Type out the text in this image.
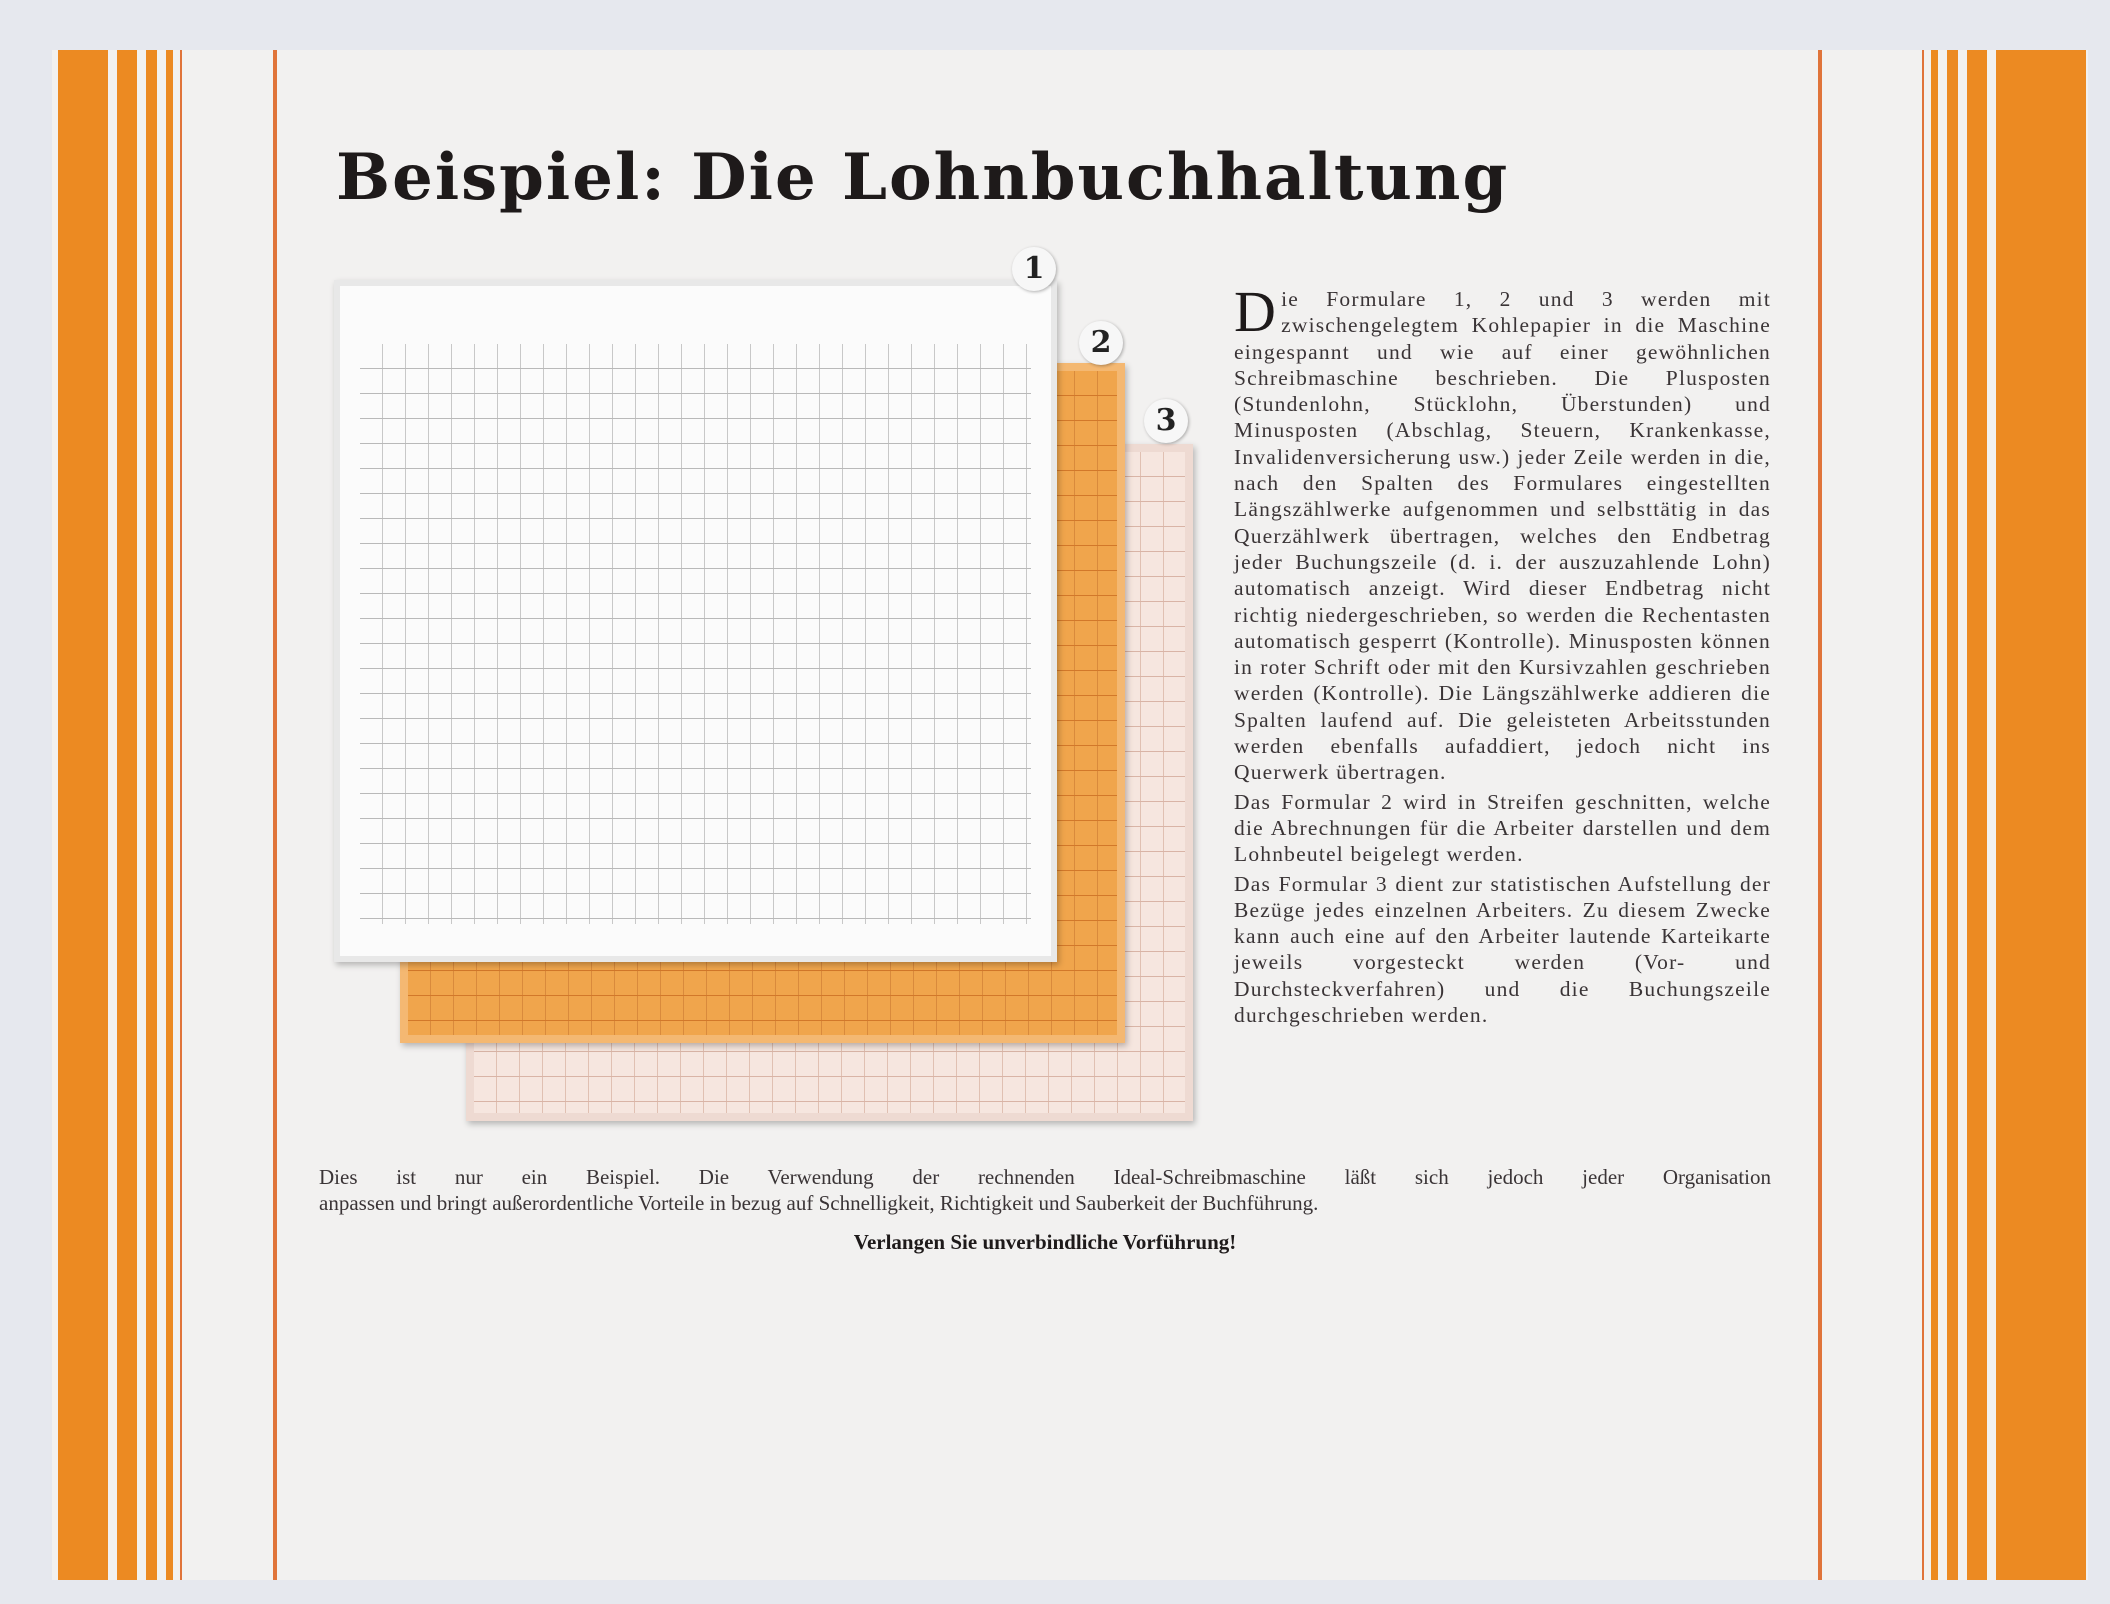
Beispiel: Die Lohnbuchhaltung
1
2
3

Die Formulare 1, 2 und 3 werden mit zwischengelegtem Kohlepapier in die Maschine eingespannt und wie auf einer gewöhnlichen Schreibmaschine beschrieben. Die Plusposten (Stundenlohn, Stücklohn, Überstunden) und Minusposten (Abschlag, Steuern, Krankenkasse, Invalidenversicherung usw.) jeder Zeile werden in die, nach den Spalten des Formulares eingestellten Längszählwerke aufgenommen und selbsttätig in das Querzählwerk übertragen, welches den Endbetrag jeder Buchungszeile (d. i. der auszuzahlende Lohn) automatisch anzeigt. Wird dieser Endbetrag nicht richtig niedergeschrieben, so werden die Rechentasten automatisch gesperrt (Kontrolle). Minusposten können in roter Schrift oder mit den Kursivzahlen geschrieben werden (Kontrolle). Die Längszählwerke addieren die Spalten laufend auf. Die geleisteten Arbeitsstunden werden ebenfalls aufaddiert, jedoch nicht ins Querwerk übertragen.

Das Formular 2 wird in Streifen geschnitten, welche die Abrechnungen für die Arbeiter darstellen und dem Lohnbeutel beigelegt werden.

Das Formular 3 dient zur statistischen Aufstellung der Bezüge jedes einzelnen Arbeiters. Zu diesem Zwecke kann auch eine auf den Arbeiter lautende Karteikarte jeweils vorgesteckt werden (Vor- und Durchsteckverfahren) und die Buchungszeile durchgeschrieben werden.

Dies ist nur ein Beispiel. Die Verwendung der rechnenden Ideal-Schreibmaschine läßt sich jedoch jeder Organisation
anpassen und bringt außerordentliche Vorteile in bezug auf Schnelligkeit, Richtigkeit und Sauberkeit der Buchführung.
Verlangen Sie unverbindliche Vorführung!
